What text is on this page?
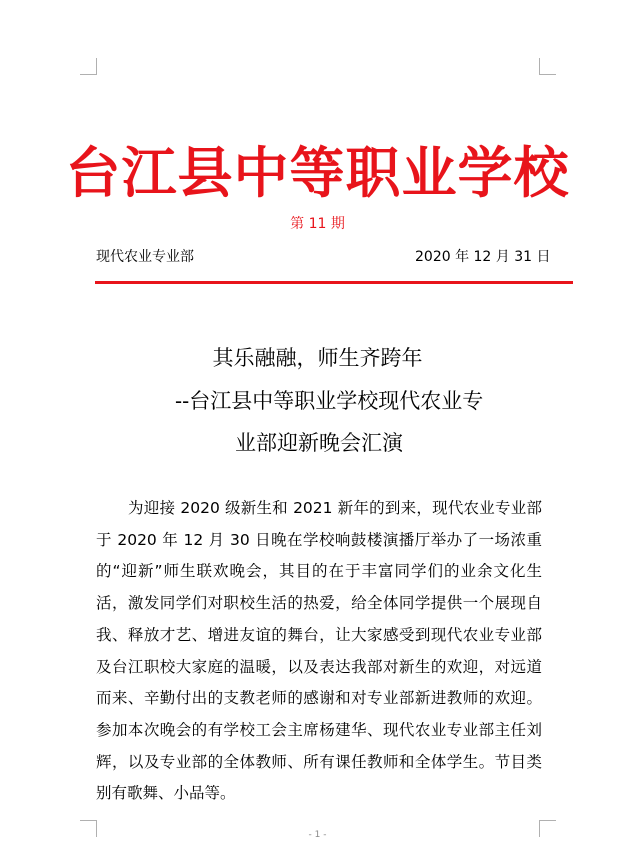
台江县中等职业学校
第 11 期
现代农业专业部	2020 年 12 月 31 日
其乐融融，师生齐跨年
--台江县中等职业学校现代农业专
业部迎新晚会汇演
为迎接 2020 级新生和 2021 新年的到来，现代农业专业部于 2020 年 12 月 30 日晚在学校响鼓楼演播厅举办了一场浓重的“迎新”师生联欢晚会，其目的在于丰富同学们的业余文化生活，激发同学们对职校生活的热爱，给全体同学提供一个展现自我、释放才艺、增进友谊的舞台，让大家感受到现代农业专业部及台江职校大家庭的温暖，以及表达我部对新生的欢迎，对远道而来、辛勤付出的支教老师的感谢和对专业部新进教师的欢迎。参加本次晚会的有学校工会主席杨建华、现代农业专业部主任刘辉，以及专业部的全体教师、所有课任教师和全体学生。节目类别有歌舞、小品等。
- 1 -
